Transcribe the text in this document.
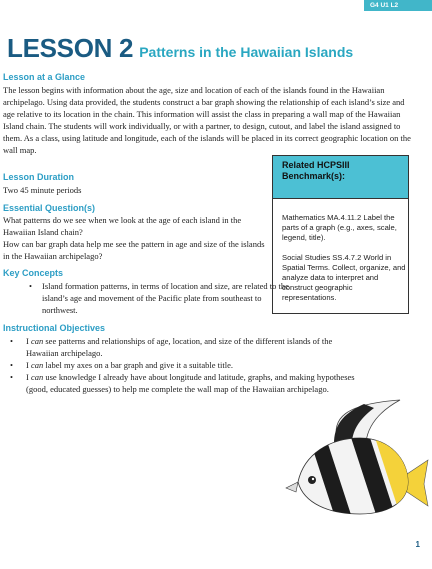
G4 U1 L2
LESSON 2 Patterns in the Hawaiian Islands
Lesson at a Glance
The lesson begins with information about the age, size and location of each of the islands found in the Hawaiian archipelago. Using data provided, the students construct a bar graph showing the relationship of each island’s size and age relative to its location in the chain. This information will assist the class in preparing a wall map of the Hawaiian Island chain. The students will work individually, or with a partner, to design, cutout, and label the island assigned to them. As a class, using latitude and longitude, each of the islands will be placed in its correct geographic location on the wall map.
Lesson Duration
Two 45 minute periods
Essential Question(s)
What patterns do we see when we look at the age of each island in the Hawaiian Island chain?
How can bar graph data help me see the pattern in age and size of the islands in the Hawaiian archipelago?
Key Concepts
• Island formation patterns, in terms of location and size, are related to the island’s age and movement of the Pacific plate from southeast to northwest.
Related HCPSIII
Benchmark(s):

Mathematics MA.4.11.2 Label the parts of a graph (e.g., axes, scale, legend, title).

Social Studies SS.4.7.2 World in Spatial Terms. Collect, organize, and analyze data to interpret and construct geographic representations.

Instructional Objectives
• I can see patterns and relationships of age, location, and size of the different islands of the Hawaiian archipelago.
• I can label my axes on a bar graph and give it a suitable title.
• I can use knowledge I already have about longitude and latitude, graphs, and making hypotheses (good, educated guesses) to help me complete the wall map of the Hawaiian archipelago.
1
